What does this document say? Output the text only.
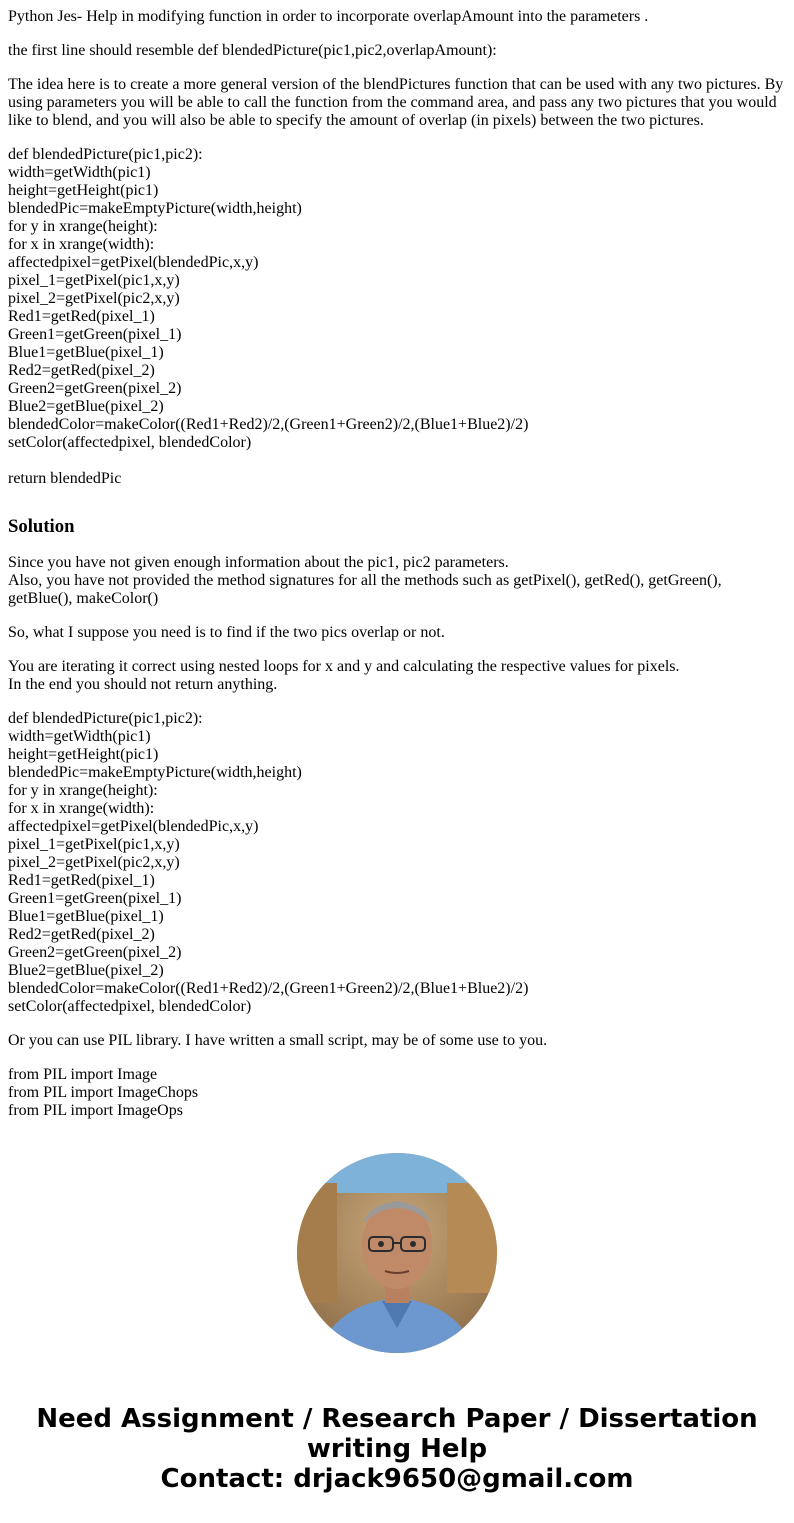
Python Jes- Help in modifying function in order to incorporate overlapAmount into the parameters .

the first line should resemble def blendedPicture(pic1,pic2,overlapAmount):

The idea here is to create a more general version of the blendPictures function that can be used with any two pictures. By using parameters you will be able to call the function from the command area, and pass any two pictures that you would like to blend, and you will also be able to specify the amount of overlap (in pixels) between the two pictures.

def blendedPicture(pic1,pic2):
width=getWidth(pic1)
height=getHeight(pic1)
blendedPic=makeEmptyPicture(width,height)
for y in xrange(height):
for x in xrange(width):
affectedpixel=getPixel(blendedPic,x,y)
pixel_1=getPixel(pic1,x,y)
pixel_2=getPixel(pic2,x,y)
Red1=getRed(pixel_1)
Green1=getGreen(pixel_1)
Blue1=getBlue(pixel_1)
Red2=getRed(pixel_2)
Green2=getGreen(pixel_2)
Blue2=getBlue(pixel_2)
blendedColor=makeColor((Red1+Red2)/2,(Green1+Green2)/2,(Blue1+Blue2)/2)
setColor(affectedpixel, blendedColor)
return blendedPic
Solution
Since you have not given enough information about the pic1, pic2 parameters.
Also, you have not provided the method signatures for all the methods such as getPixel(), getRed(), getGreen(), getBlue(), makeColor()

So, what I suppose you need is to find if the two pics overlap or not.

You are iterating it correct using nested loops for x and y and calculating the respective values for pixels.
In the end you should not return anything.
def blendedPicture(pic1,pic2):
width=getWidth(pic1)
height=getHeight(pic1)
blendedPic=makeEmptyPicture(width,height)
for y in xrange(height):
for x in xrange(width):
affectedpixel=getPixel(blendedPic,x,y)
pixel_1=getPixel(pic1,x,y)
pixel_2=getPixel(pic2,x,y)
Red1=getRed(pixel_1)
Green1=getGreen(pixel_1)
Blue1=getBlue(pixel_1)
Red2=getRed(pixel_2)
Green2=getGreen(pixel_2)
Blue2=getBlue(pixel_2)
blendedColor=makeColor((Red1+Red2)/2,(Green1+Green2)/2,(Blue1+Blue2)/2)
setColor(affectedpixel, blendedColor)

Or you can use PIL library. I have written a small script, may be of some use to you.

from PIL import Image
from PIL import ImageChops
from PIL import ImageOps
Need Assignment / Research Paper / Dissertation
writing Help
Contact: drjack9650@gmail.com
